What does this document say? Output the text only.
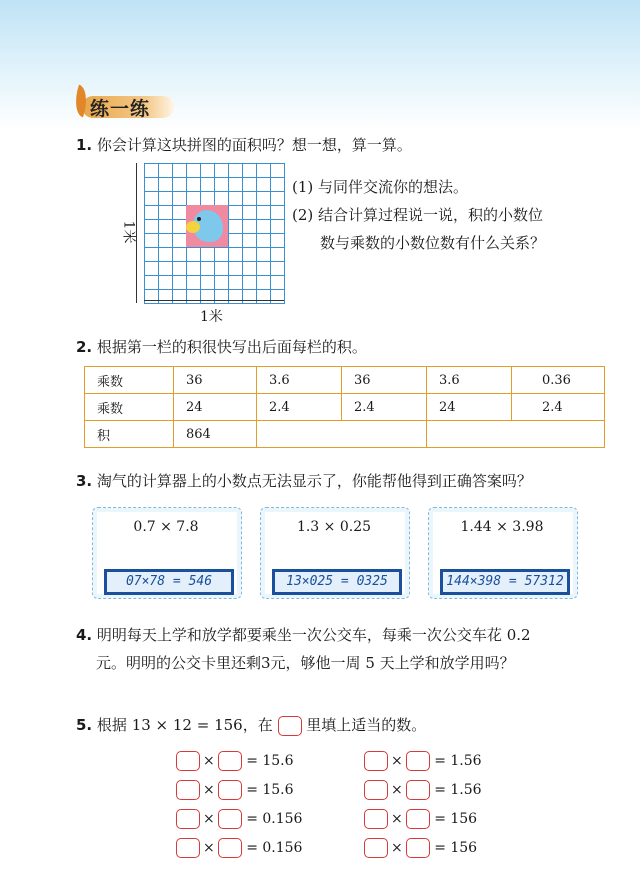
练一练
1. 你会计算这块拼图的面积吗？想一想，算一算。
1米
1米
(1) 与同伴交流你的想法。
(2) 结合计算过程说一说，积的小数位
数与乘数的小数位数有什么关系？
2. 根据第一栏的积很快写出后面每栏的积。
乘数	36	3.6	36	3.6	0.36
乘数	24	2.4	2.4	24	2.4
积	864				
3. 淘气的计算器上的小数点无法显示了，你能帮他得到正确答案吗？
0.7 × 7.8
07×78 = 546
1.3 × 0.25
13×025 = 0325
1.44 × 3.98
144×398 = 57312
4. 明明每天上学和放学都要乘坐一次公交车，每乘一次公交车花 0.2
元。明明的公交卡里还剩3元，够他一周 5 天上学和放学用吗？
5. 根据 13 × 12 = 156，在 里填上适当的数。
× = 15.6
× = 15.6
× = 0.156
× = 0.156
× = 1.56
× = 1.56
× = 156
× = 156
